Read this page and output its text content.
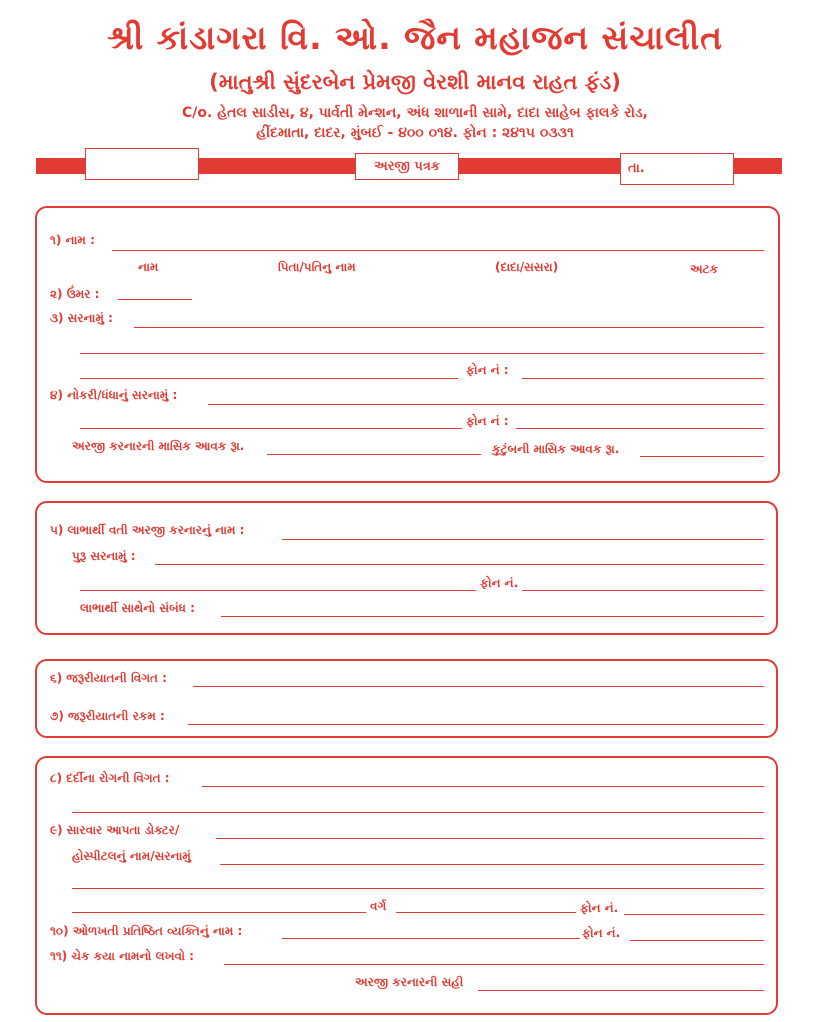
શ્રી કાંડાગરા વિ. ઓ. જૈન મહાજન સંચાલીત
(માતુશ્રી સુંદરબેન પ્રેમજી વેરશી માનવ રાહત ફંડ)
C/o. હેતલ સાડીસ, ૪, પાર્વતી મેન્શન, અંધ શાળાની સામે, દાદા સાહેબ ફાલકે રોડ,
હીંદમાતા, દાદર, મુંબઈ - ૪૦૦ ૦૧૪. ફોન : ૨૪૧૫ ૦૩૩૧
અરજી પત્રક	તા.
૧) નામ :
નામ	પિતા/પતિનુ નામ	(દાદા/સસરા)	અટક
૨) ઉંમર :
૩) સરનામું :
ફોન નં :
૪) નોકરી/ધંધાનું સરનામું :
ફોન નં :
અરજી કરનારની માસિક આવક રૂા.	કુટુંબની માસિક આવક રૂા.
૫) લાભાર્થી વતી અરજી કરનારનું નામ :
પુરૂ સરનામું :
ફોન નં.
લાભાર્થી સાથેનો સંબંધ :
૬) જરૂરીયાતની વિગત :
૭) જરૂરીયાતની રકમ :
૮) દર્દીના રોગની વિગત :
૯) સારવાર આપતા ડોક્ટર/
હોસ્પીટલનું નામ/સરનામું
વર્ગ	ફોન નં.
૧૦) ઓળખતી પ્રતિષ્ઠિત વ્યક્તિનું નામ :	ફોન નં.
૧૧) ચેક કયા નામનો લખવો :
અરજી કરનારની સહી
